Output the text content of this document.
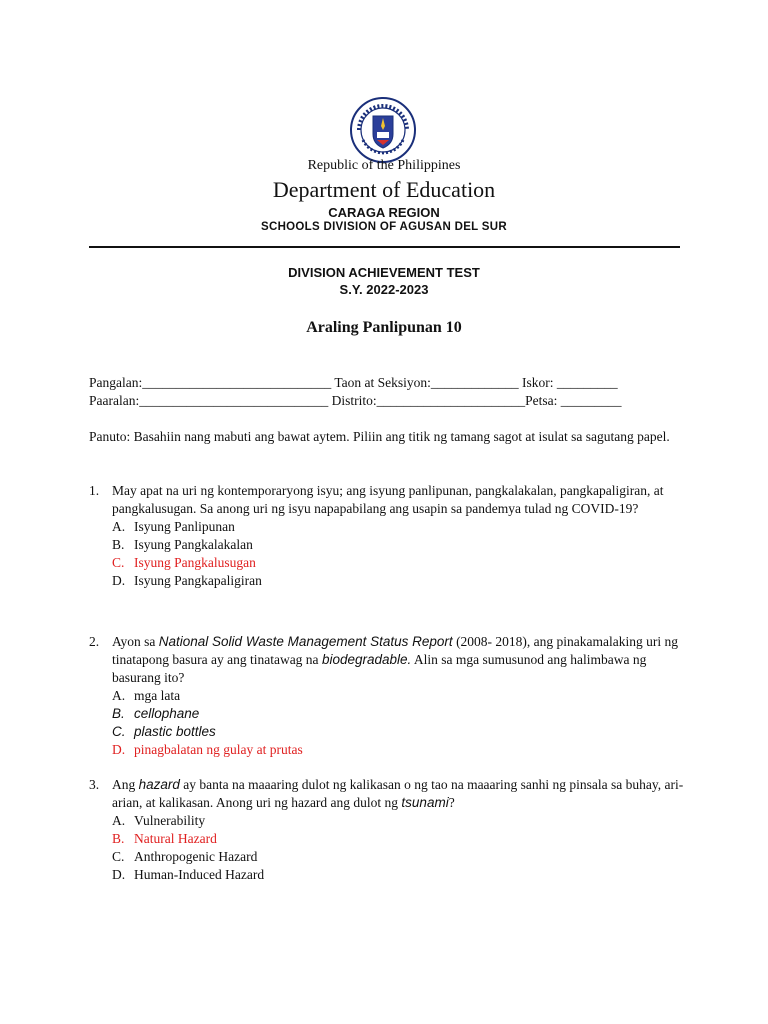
Republic of the Philippines
Department of Education
CARAGA REGION
SCHOOLS DIVISION OF AGUSAN DEL SUR
DIVISION ACHIEVEMENT TEST
S.Y. 2022-2023
Araling Panlipunan 10
Pangalan:____________________________ Taon at Seksiyon:_____________ Iskor: _________
Paaralan:____________________________ Distrito:______________________Petsa: _________
Panuto: Basahiin nang mabuti ang bawat aytem. Piliin ang titik ng tamang sagot at isulat sa sagutang papel.
1. May apat na uri ng kontemporaryong isyu; ang isyung panlipunan, pangkalakalan, pangkapaligiran, at pangkalusugan. Sa anong uri ng isyu napapabilang ang usapin sa pandemya tulad ng COVID-19?
A. Isyung Panlipunan
B. Isyung Pangkalakalan
C. Isyung Pangkalusugan
D. Isyung Pangkapaligiran
2. Ayon sa National Solid Waste Management Status Report (2008- 2018), ang pinakamalaking uri ng tinatapong basura ay ang tinatawag na biodegradable. Alin sa mga sumusunod ang halimbawa ng basurang ito?
A. mga lata
B. cellophane
C. plastic bottles
D. pinagbalatan ng gulay at prutas
3. Ang hazard ay banta na maaaring dulot ng kalikasan o ng tao na maaaring sanhi ng pinsala sa buhay, ari-arian, at kalikasan. Anong uri ng hazard ang dulot ng tsunami?
A. Vulnerability
B. Natural Hazard
C. Anthropogenic Hazard
D. Human-Induced Hazard
